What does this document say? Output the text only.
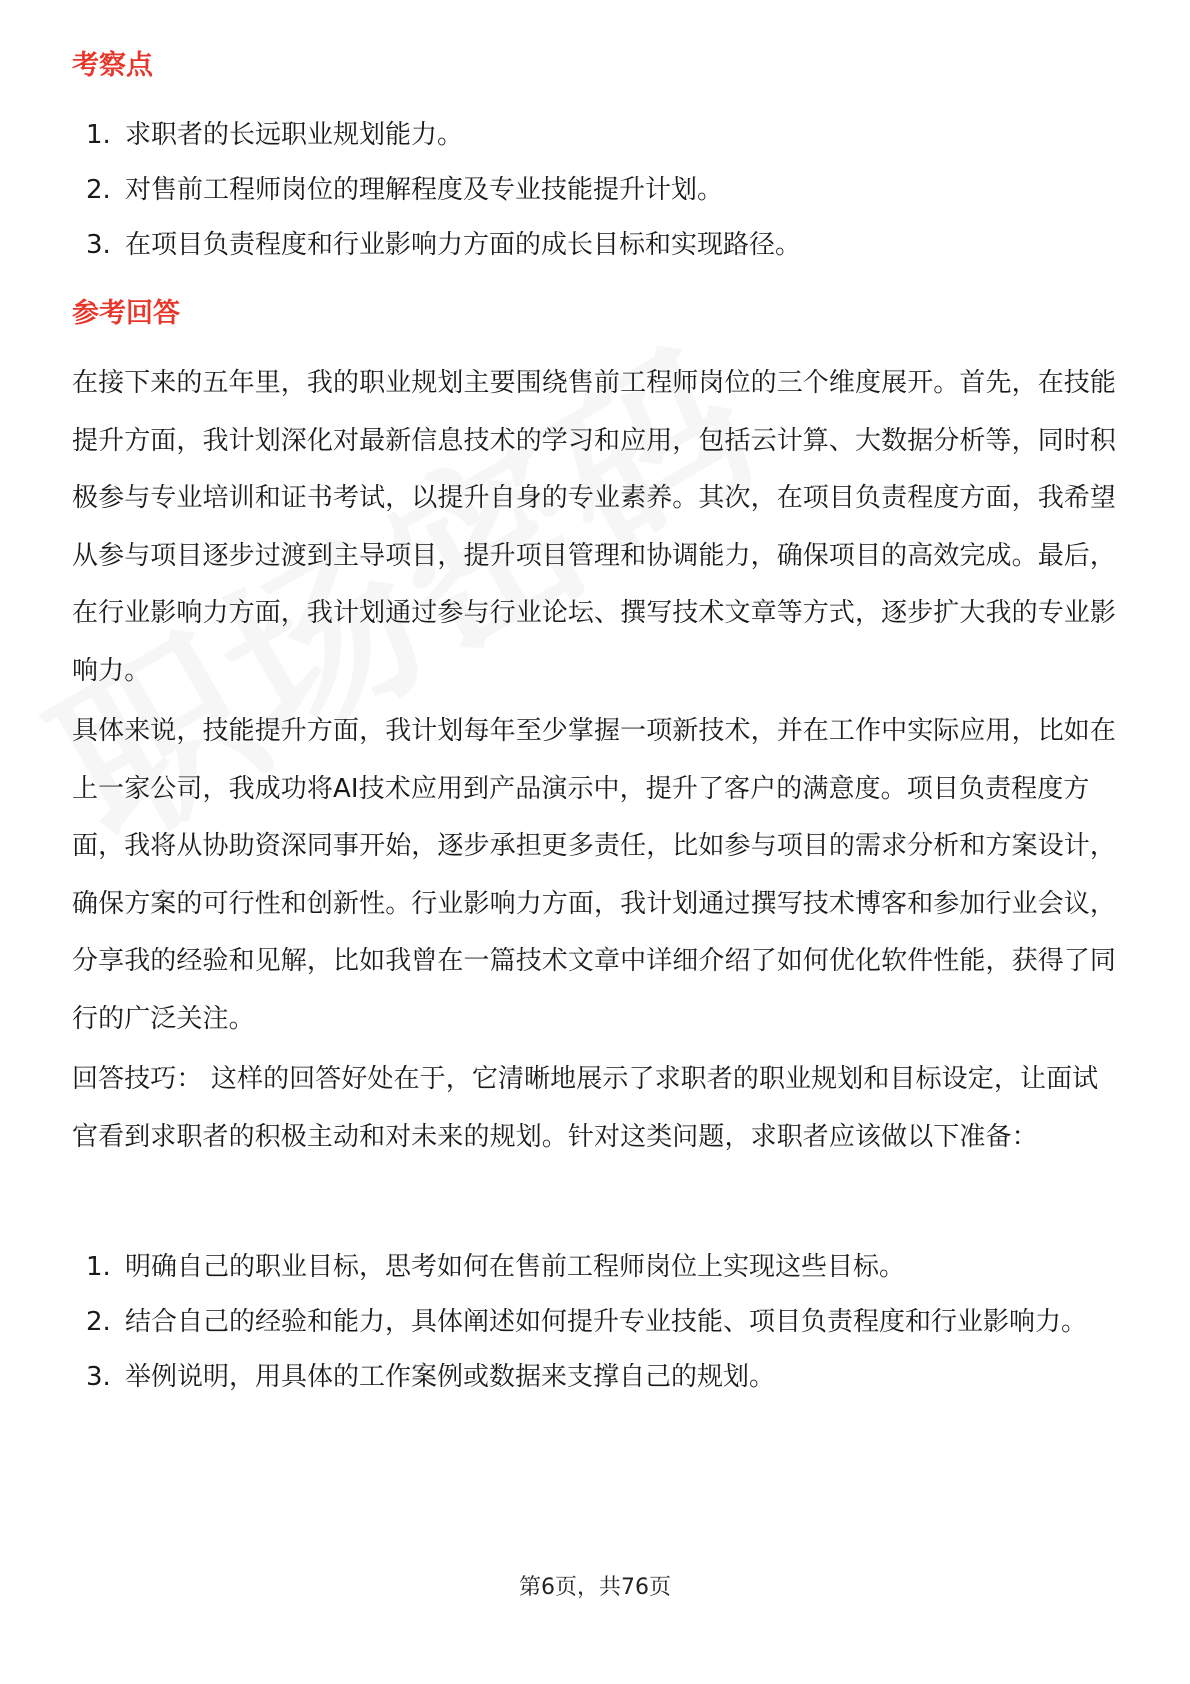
考察点
1. 求职者的长远职业规划能力。
2. 对售前工程师岗位的理解程度及专业技能提升计划。
3. 在项目负责程度和行业影响力方面的成长目标和实现路径。
参考回答

在接下来的五年里，我的职业规划主要围绕售前工程师岗位的三个维度展开。首先，在技能提升方面，我计划深化对最新信息技术的学习和应用，包括云计算、大数据分析等，同时积极参与专业培训和证书考试，以提升自身的专业素养。其次，在项目负责程度方面，我希望从参与项目逐步过渡到主导项目，提升项目管理和协调能力，确保项目的高效完成。最后，在行业影响力方面，我计划通过参与行业论坛、撰写技术文章等方式，逐步扩大我的专业影响力。

具体来说，技能提升方面，我计划每年至少掌握一项新技术，并在工作中实际应用，比如在上一家公司，我成功将AI技术应用到产品演示中，提升了客户的满意度。项目负责程度方面，我将从协助资深同事开始，逐步承担更多责任，比如参与项目的需求分析和方案设计，确保方案的可行性和创新性。行业影响力方面，我计划通过撰写技术博客和参加行业会议，分享我的经验和见解，比如我曾在一篇技术文章中详细介绍了如何优化软件性能，获得了同行的广泛关注。

回答技巧： 这样的回答好处在于，它清晰地展示了求职者的职业规划和目标设定，让面试官看到求职者的积极主动和对未来的规划。针对这类问题，求职者应该做以下准备：

1. 明确自己的职业目标，思考如何在售前工程师岗位上实现这些目标。
2. 结合自己的经验和能力，具体阐述如何提升专业技能、项目负责程度和行业影响力。
3. 举例说明，用具体的工作案例或数据来支撑自己的规划。
第6页，共76页
